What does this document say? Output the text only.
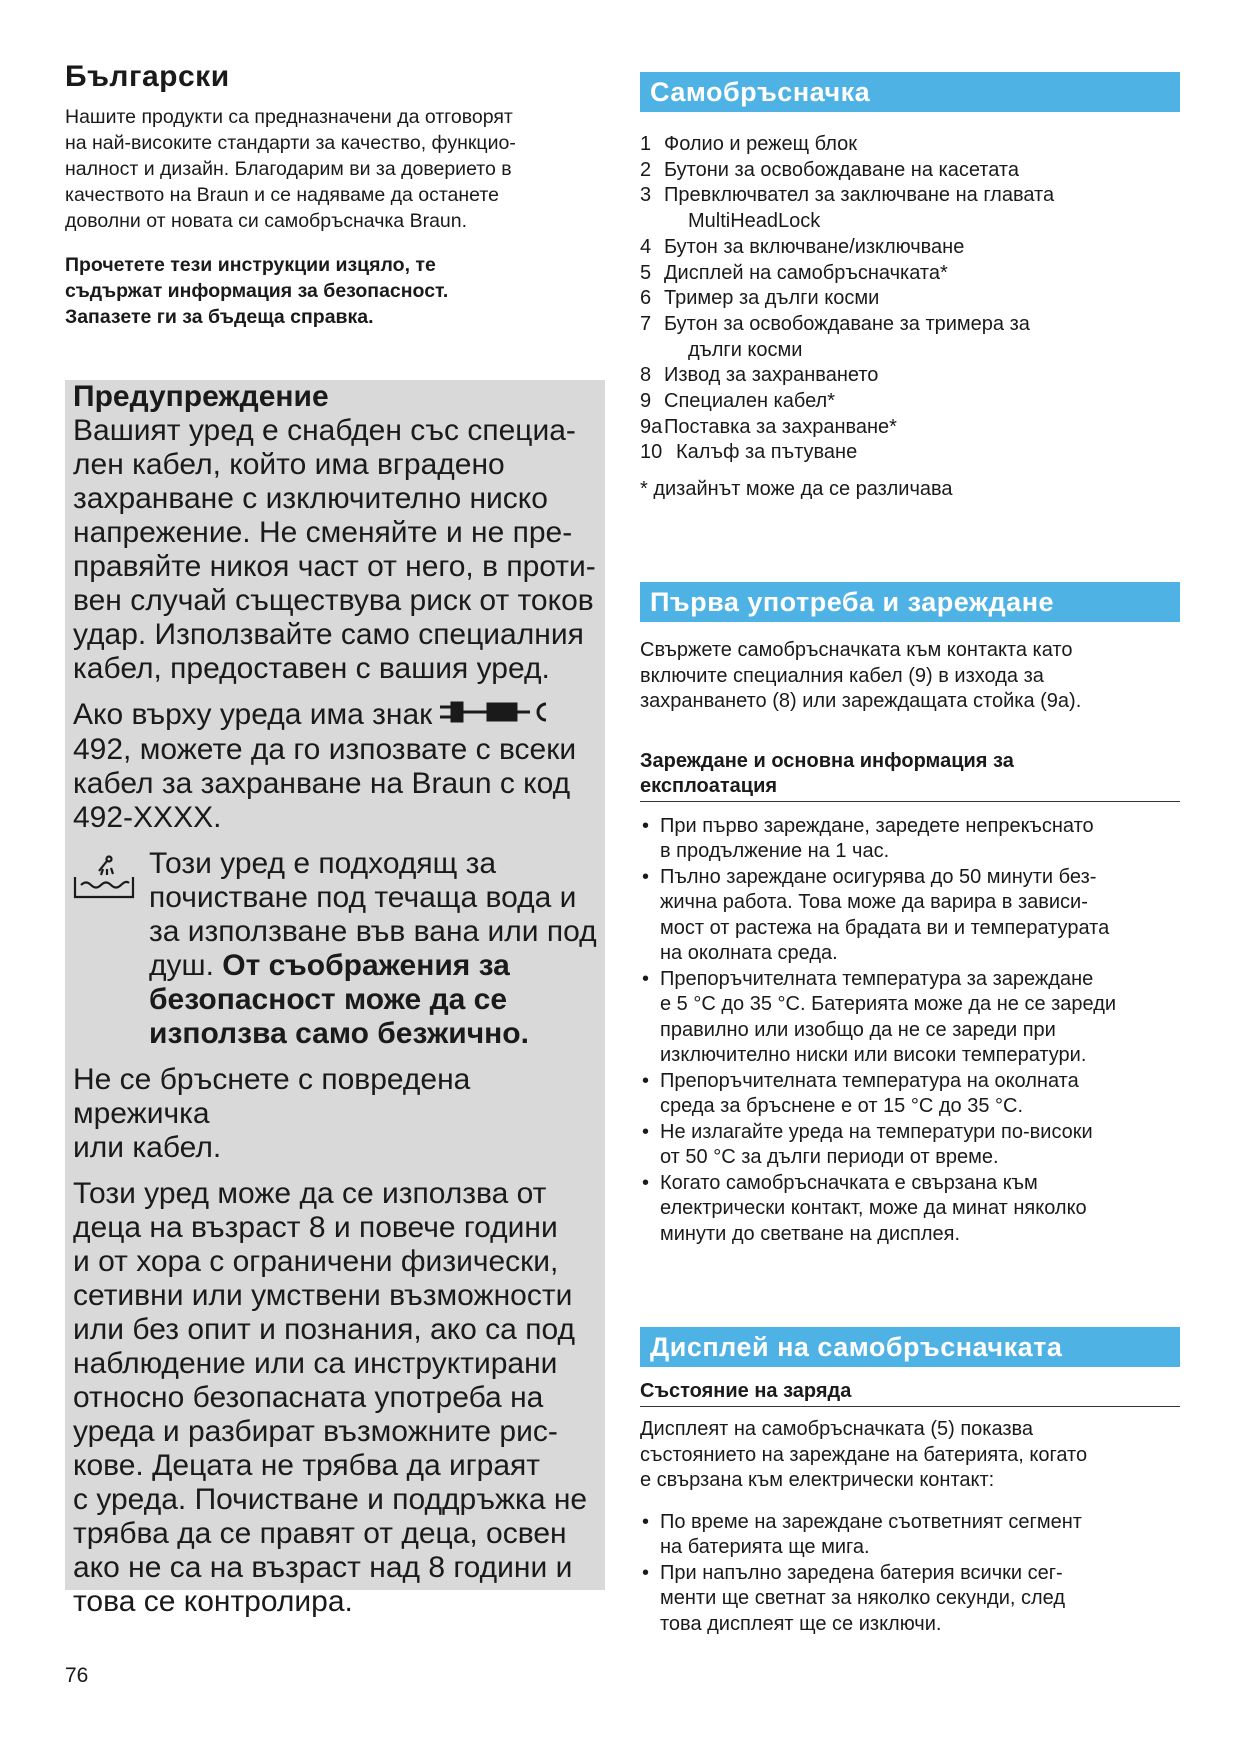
Български

Нашите продукти са предназначени да отговорят
на най-високите стандарти за качество, функцио-
налност и дизайн. Благодарим ви за доверието в
качеството на Braun и се надяваме да останете
доволни от новата си самобръсначка Braun.

Прочетете тези инструкции изцяло, те
съдържат информация за безопасност.
Запазете ги за бъдеща справка.

Предупреждение

Вашият уред е снабден със специа-
лен кабел, който има вградено
захранване с изключително ниско
напрежение. Не сменяйте и не пре-
правяйте никоя част от него, в проти-
вен случай съществува риск от токов
удар. Използвайте само специалния
кабел, предоставен с вашия уред.

Ако върху уреда има знак
492, можете да го изпозвате с всеки
кабел за захранване на Braun с код
492-XXXX.

Този уред е подходящ за
почистване под течаща вода и
за използване във вана или под
душ. От съображения за
безопасност може да се
използва само безжично.

Не се бръснете с повредена мрежичка
или кабел.

Този уред може да се използва от
деца на възраст 8 и повече години
и от хора с ограничени физически,
сетивни или умствени възможности
или без опит и познания, ако са под
наблюдение или са инструктирани
относно безопасната употреба на
уреда и разбират възможните рис-
кове. Децата не трябва да играят
с уреда. Почистване и поддръжка не
трябва да се правят от деца, освен
ако не са на възраст над 8 години и
това се контролира.

76
Самобръсначка
1 Фолио и режещ блок
2 Бутони за освобождаване на касетата
3 Превключвател за заключване на главата
MultiHeadLock
4 Бутон за включване/изключване
5 Дисплей на самобръсначката*
6 Тример за дълги косми
7 Бутон за освобождаване за тримера за
дълги косми
8 Извод за захранването
9 Специален кабел*
9a Поставка за захранване*
10 Калъф за пътуване

* дизайнът може да се различава

Първа употреба и зареждане

Свържете самобръсначката към контакта като
включите специалния кабел (9) в изхода за
захранването (8) или зареждащата стойка (9a).

Зареждане и основна информация за
експлоатация

• При първо зареждане, заредете непрекъснато
в продължение на 1 час.
• Пълно зареждане осигурява до 50 минути без-
жична работа. Това може да варира в зависи-
мост от растежа на брадата ви и температурата
на околната среда.
• Препоръчителната температура за зареждане
е 5 °C до 35 °C. Батерията може да не се зареди
правилно или изобщо да не се зареди при
изключително ниски или високи температури.
• Препоръчителната температура на околната
среда за бръснене е от 15 °C до 35 °C.
• Не излагайте уреда на температури по-високи
от 50 °C за дълги периоди от време.
• Когато самобръсначката е свързана към
електрически контакт, може да минат няколко
минути до светване на дисплея.
Дисплей на самобръсначката

Състояние на заряда

Дисплеят на самобръсначката (5) показва
състоянието на зареждане на батерията, когато
е свързана към електрически контакт:

• По време на зареждане съответният сегмент
на батерията ще мига.
• При напълно заредена батерия всички сег-
менти ще светнат за няколко секунди, след
това дисплеят ще се изключи.
